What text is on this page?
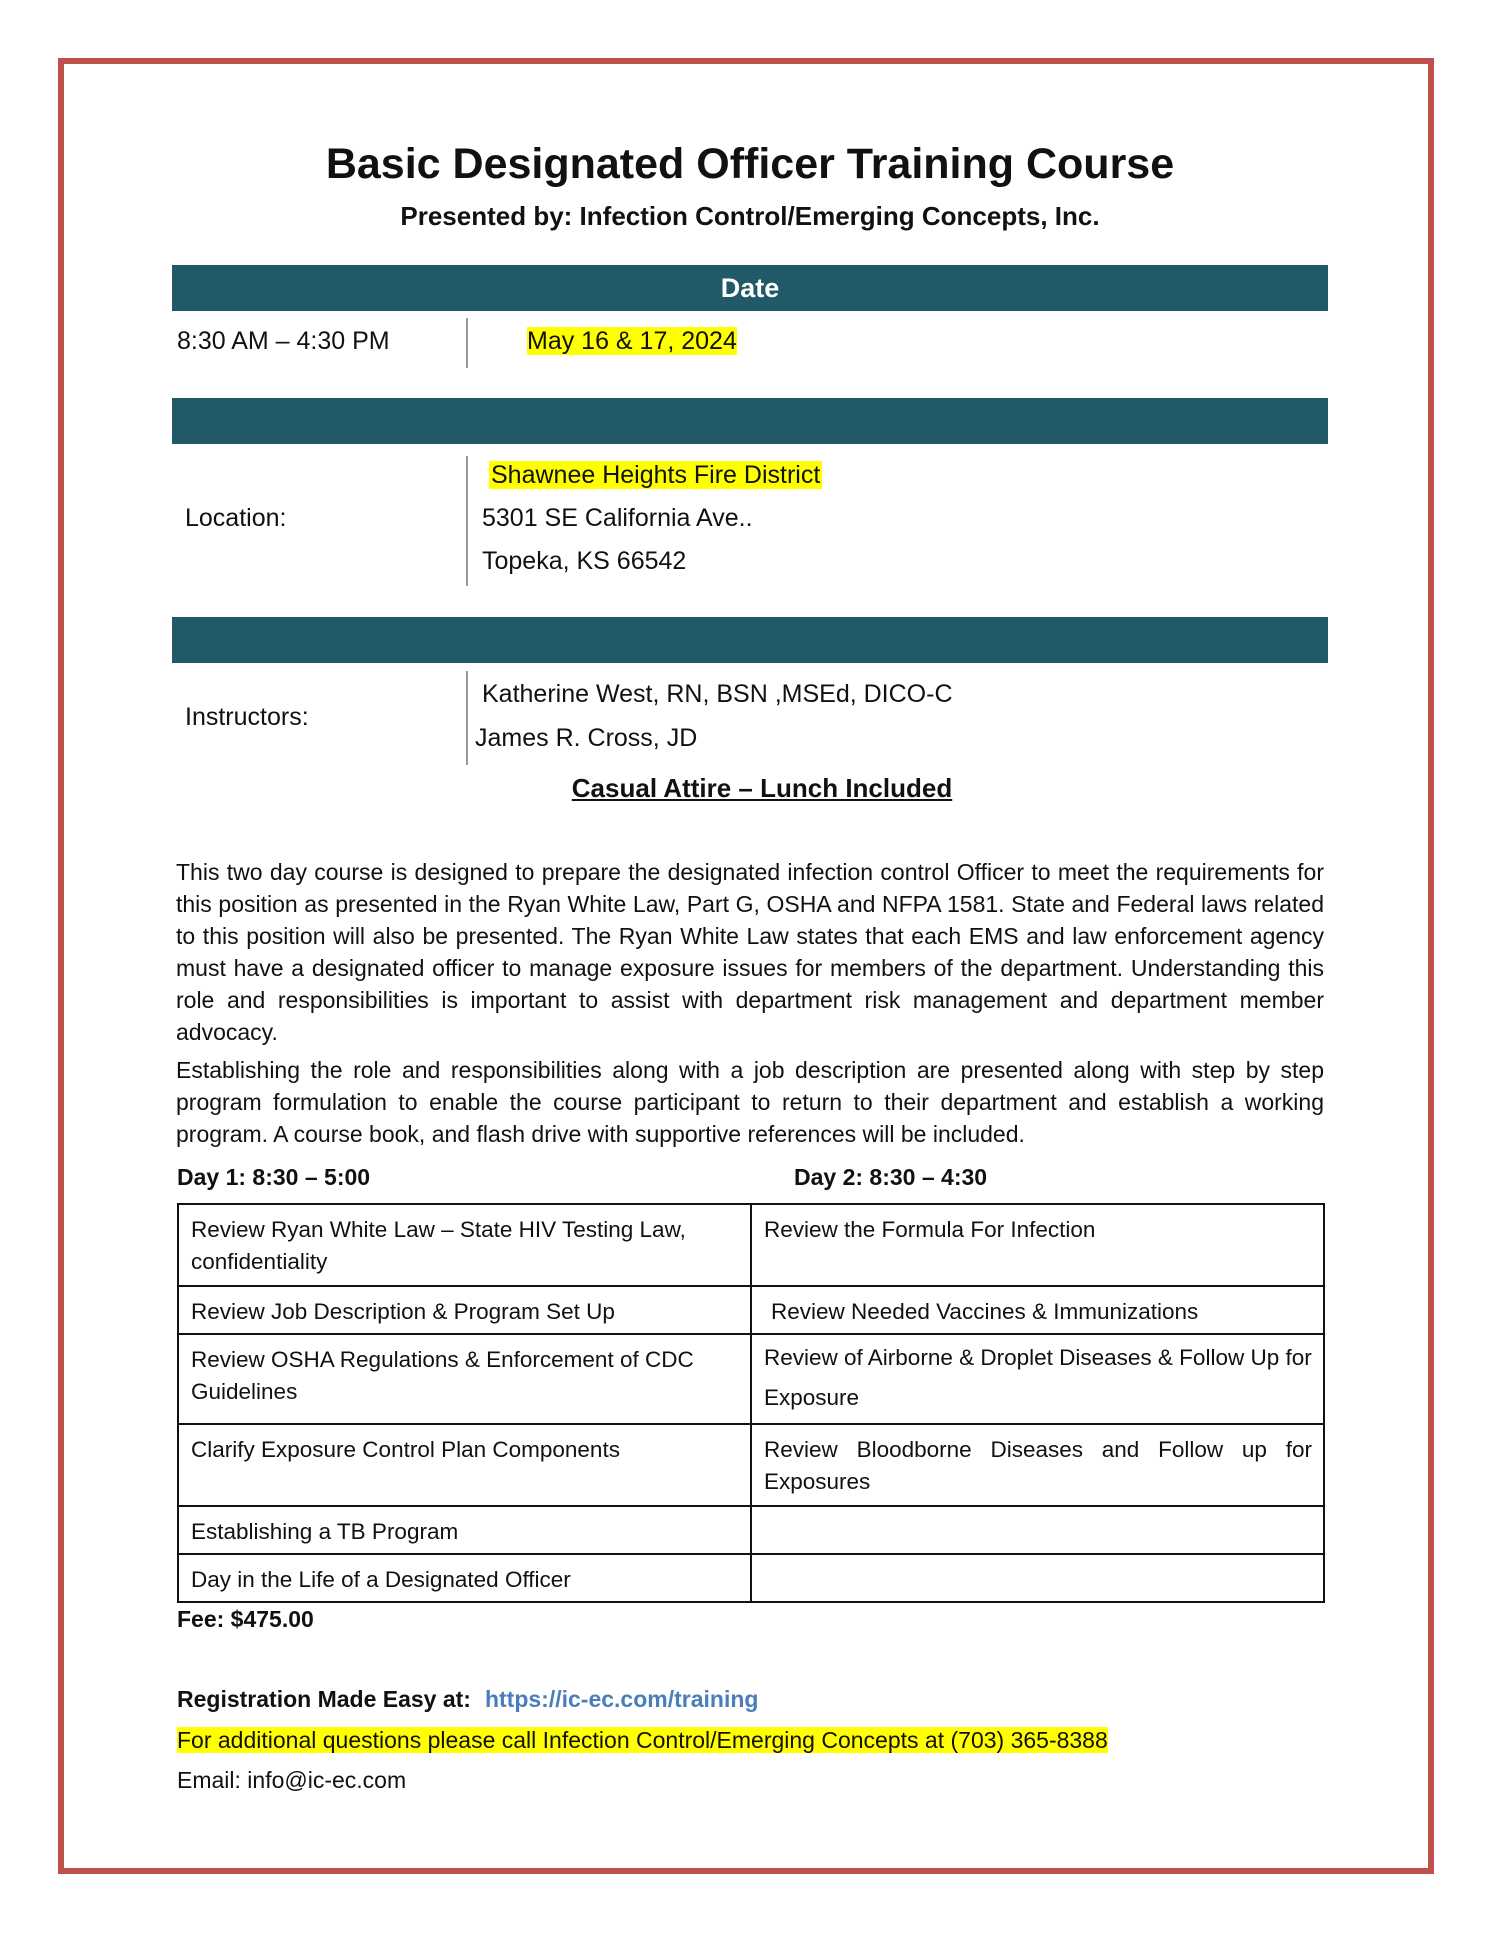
Basic Designated Officer Training Course
Presented by: Infection Control/Emerging Concepts, Inc.
Date
8:30 AM – 4:30 PM	May 16 & 17, 2024
Location:
Shawnee Heights Fire District
5301 SE California Ave..
Topeka, KS 66542
Instructors:
Katherine West, RN, BSN ,MSEd, DICO-C
James R. Cross, JD
Casual Attire – Lunch Included

This two day course is designed to prepare the designated infection control Officer to meet the requirements for this position as presented in the Ryan White Law, Part G, OSHA and NFPA 1581. State and Federal laws related to this position will also be presented. The Ryan White Law states that each EMS and law enforcement agency must have a designated officer to manage exposure issues for members of the department. Understanding this role and responsibilities is important to assist with department risk management and department member advocacy.

Establishing the role and responsibilities along with a job description are presented along with step by step program formulation to enable the course participant to return to their department and establish a working program. A course book, and flash drive with supportive references will be included.

Day 1: 8:30 – 5:00	Day 2: 8:30 – 4:30
Review Ryan White Law – State HIV Testing Law, confidentiality	Review the Formula For Infection
Review Job Description & Program Set Up	Review Needed Vaccines & Immunizations
Review OSHA Regulations & Enforcement of CDC Guidelines	Review of Airborne & Droplet Diseases & Follow Up for Exposure
Clarify Exposure Control Plan Components	Review Bloodborne Diseases and Follow up for Exposures
Establishing a TB Program	
Day in the Life of a Designated Officer	
Fee: $475.00
Registration Made Easy at: https://ic-ec.com/training
For additional questions please call Infection Control/Emerging Concepts at (703) 365-8388
Email: info@ic-ec.com
